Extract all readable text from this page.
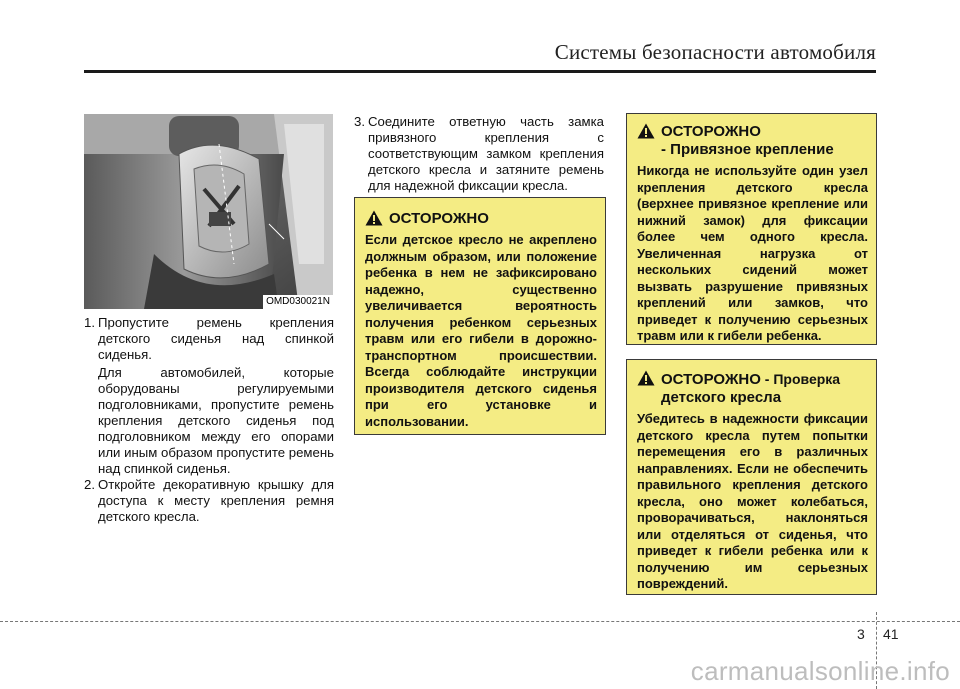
Системы безопасности автомобиля
OMD030021N
1. Пропустите ремень крепления детского сиденья над спинкой сиденья.
Для автомобилей, которые оборудованы регулируемыми подголовниками, пропустите ремень крепления детского сиденья под подголовником между его опорами или иным образом пропустите ремень над спинкой сиденья.
2. Откройте декоративную крышку для доступа к месту крепления ремня детского кресла.
3. Соедините ответную часть замка привязного крепления с соответствующим замком крепления детского кресла и затяните ремень для надежной фиксации кресла.
ОСТОРОЖНО
Если детское кресло не акреплено должным образом, или положение ребенка в нем не зафиксировано надежно, существенно увеличивается вероятность получения ребенком серьезных травм или его гибели в дорожно-транспортном происшествии. Всегда соблюдайте инструкции производителя детского сиденья при его установке и использовании.
ОСТОРОЖНО
- Привязное крепление
Никогда не используйте один узел крепления детского кресла (верхнее привязное крепление или нижний замок) для фиксации более чем одного кресла. Увеличенная нагрузка от нескольких сидений может вызвать разрушение привязных креплений или замков, что приведет к получению серьезных травм или к гибели ребенка.
ОСТОРОЖНО - Проверка
детского кресла
Убедитесь в надежности фиксации детского кресла путем попытки перемещения его в различных направлениях. Если не обеспечить правильного крепления детского кресла, оно может колебаться, проворачиваться, наклоняться или отделяться от сиденья, что приведет к гибели ребенка или к получению им серьезных повреждений.
3 41
carmanualsonline.info
